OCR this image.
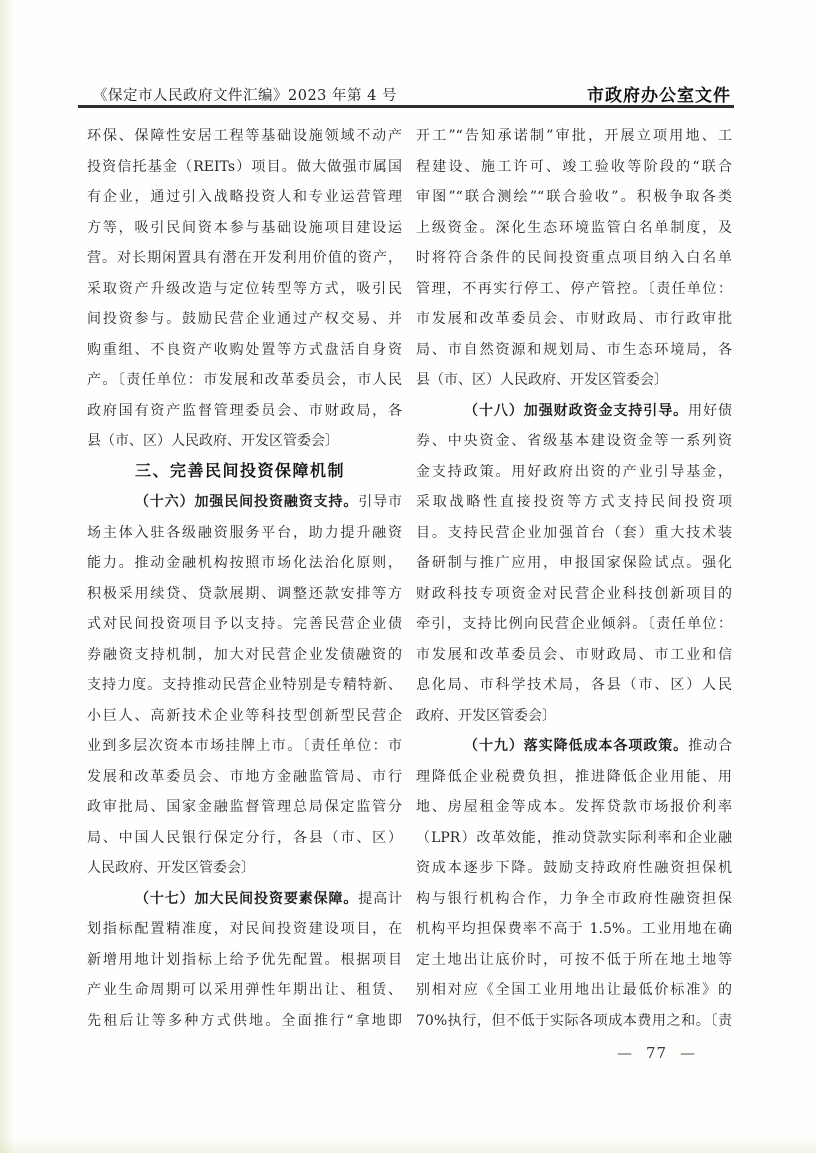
《保定市人民政府文件汇编》2023 年第 4 号	市政府办公室文件
环保、保障性安居工程等基础设施领域不动产
投资信托基金（REITs）项目。做大做强市属国
有企业，通过引入战略投资人和专业运营管理
方等，吸引民间资本参与基础设施项目建设运
营。对长期闲置具有潜在开发利用价值的资产，
采取资产升级改造与定位转型等方式，吸引民
间投资参与。鼓励民营企业通过产权交易、并
购重组、不良资产收购处置等方式盘活自身资
产。〔责任单位：市发展和改革委员会，市人民
政府国有资产监督管理委员会、市财政局，各
县（市、区）人民政府、开发区管委会〕
三、完善民间投资保障机制
（十六）加强民间投资融资支持。引导市
场主体入驻各级融资服务平台，助力提升融资
能力。推动金融机构按照市场化法治化原则，
积极采用续贷、贷款展期、调整还款安排等方
式对民间投资项目予以支持。完善民营企业债
券融资支持机制，加大对民营企业发债融资的
支持力度。支持推动民营企业特别是专精特新、
小巨人、高新技术企业等科技型创新型民营企
业到多层次资本市场挂牌上市。〔责任单位：市
发展和改革委员会、市地方金融监管局、市行
政审批局、国家金融监督管理总局保定监管分
局、中国人民银行保定分行，各县（市、区）
人民政府、开发区管委会〕
（十七）加大民间投资要素保障。提高计
划指标配置精准度，对民间投资建设项目，在
新增用地计划指标上给予优先配置。根据项目
产业生命周期可以采用弹性年期出让、租赁、
先租后让等多种方式供地。全面推行“拿地即
开工”“告知承诺制”审批，开展立项用地、工
程建设、施工许可、竣工验收等阶段的“联合
审图”“联合测绘”“联合验收”。积极争取各类
上级资金。深化生态环境监管白名单制度，及
时将符合条件的民间投资重点项目纳入白名单
管理，不再实行停工、停产管控。〔责任单位：
市发展和改革委员会、市财政局、市行政审批
局、市自然资源和规划局、市生态环境局，各
县（市、区）人民政府、开发区管委会〕
（十八）加强财政资金支持引导。用好债
券、中央资金、省级基本建设资金等一系列资
金支持政策。用好政府出资的产业引导基金，
采取战略性直接投资等方式支持民间投资项
目。支持民营企业加强首台（套）重大技术装
备研制与推广应用，申报国家保险试点。强化
财政科技专项资金对民营企业科技创新项目的
牵引，支持比例向民营企业倾斜。〔责任单位：
市发展和改革委员会、市财政局、市工业和信
息化局、市科学技术局，各县（市、区）人民
政府、开发区管委会〕
（十九）落实降低成本各项政策。推动合
理降低企业税费负担，推进降低企业用能、用
地、房屋租金等成本。发挥贷款市场报价利率
（LPR）改革效能，推动贷款实际利率和企业融
资成本逐步下降。鼓励支持政府性融资担保机
构与银行机构合作，力争全市政府性融资担保
机构平均担保费率不高于 1.5%。工业用地在确
定土地出让底价时，可按不低于所在地土地等
别相对应《全国工业用地出让最低价标准》的
70%执行，但不低于实际各项成本费用之和。〔责
— 77 —
